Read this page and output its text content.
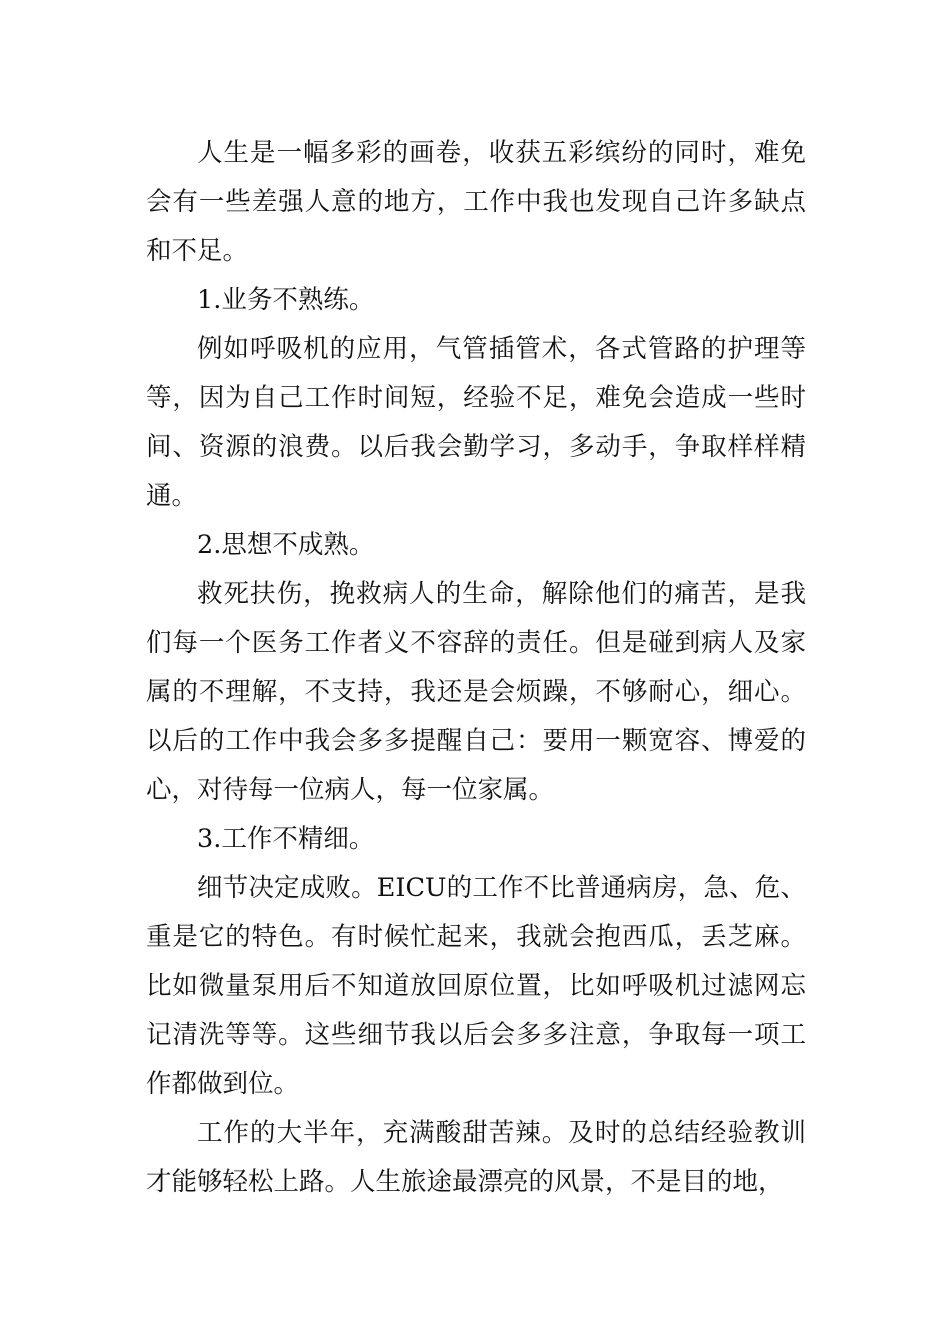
人生是一幅多彩的画卷，收获五彩缤纷的同时，难免会有一些差强人意的地方，工作中我也发现自己许多缺点和不足。

1.业务不熟练。

例如呼吸机的应用，气管插管术，各式管路的护理等等，因为自己工作时间短，经验不足，难免会造成一些时间、资源的浪费。以后我会勤学习，多动手，争取样样精通。

2.思想不成熟。

救死扶伤，挽救病人的生命，解除他们的痛苦，是我们每一个医务工作者义不容辞的责任。但是碰到病人及家属的不理解，不支持，我还是会烦躁，不够耐心，细心。以后的工作中我会多多提醒自己：要用一颗宽容、博爱的心，对待每一位病人，每一位家属。

3.工作不精细。

细节决定成败。EICU的工作不比普通病房，急、危、重是它的特色。有时候忙起来，我就会抱西瓜，丢芝麻。比如微量泵用后不知道放回原位置，比如呼吸机过滤网忘记清洗等等。这些细节我以后会多多注意，争取每一项工作都做到位。

工作的大半年，充满酸甜苦辣。及时的总结经验教训才能够轻松上路。人生旅途最漂亮的风景，不是目的地，
